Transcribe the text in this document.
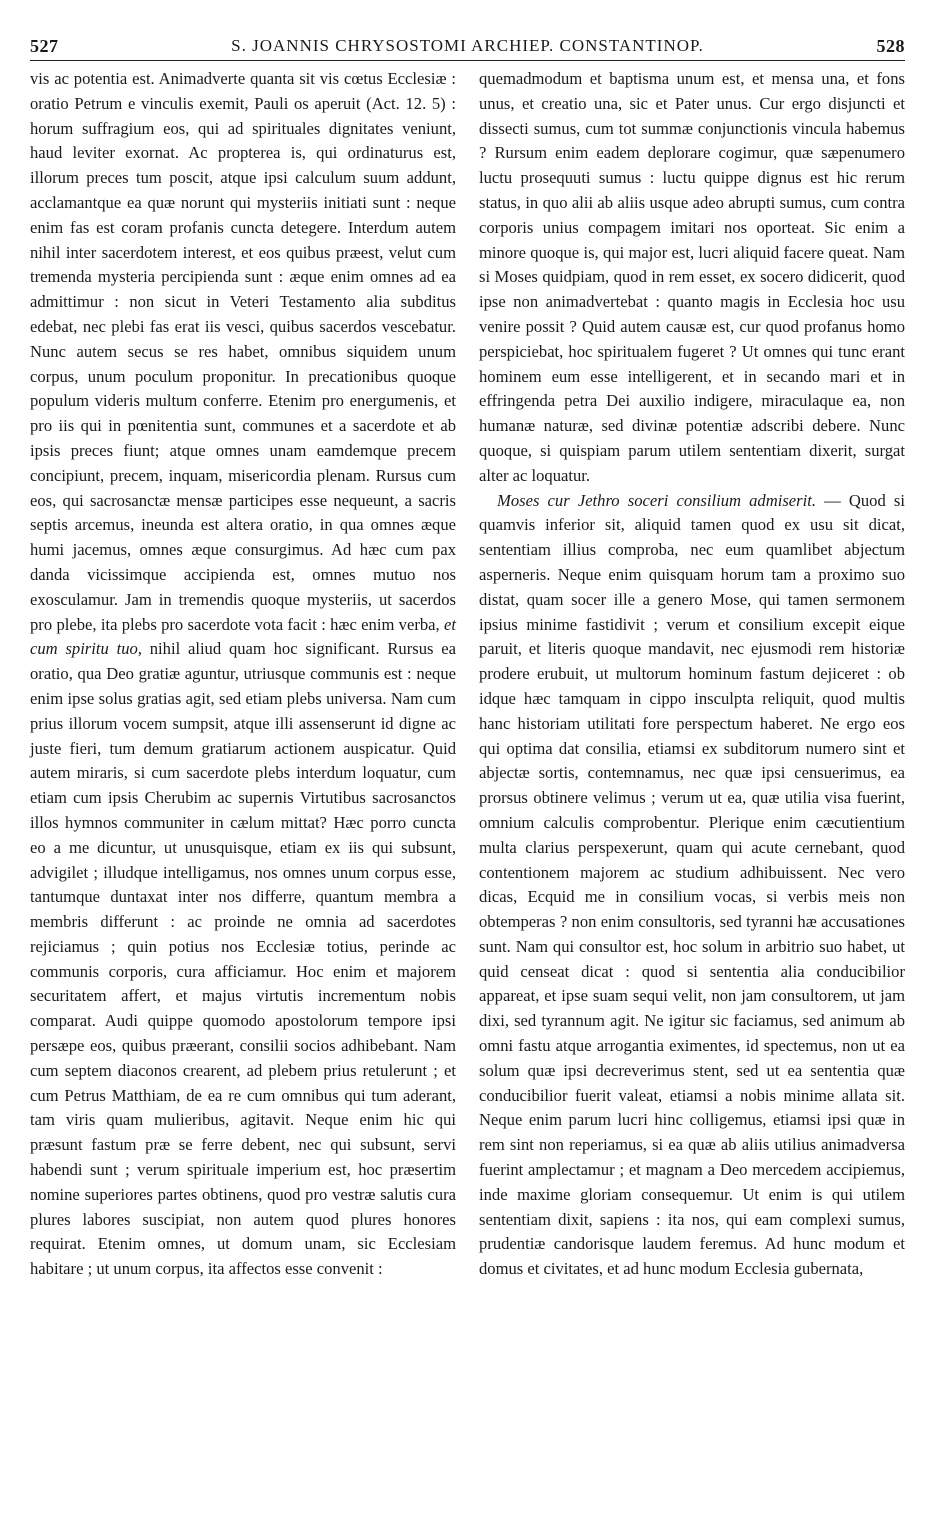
527	S. JOANNIS CHRYSOSTOMI ARCHIEP. CONSTANTINOP.	528

vis ac potentia est. Animadverte quanta sit vis cœtus Ecclesiæ : oratio Petrum e vinculis exemit, Pauli os aperuit (Act. 12. 5) : horum suffragium eos, qui ad spirituales dignitates veniunt, haud leviter exornat. Ac propterea is, qui ordinaturus est, illorum preces tum poscit, atque ipsi calculum suum addunt, acclamantque ea quæ norunt qui mysteriis initiati sunt : neque enim fas est coram profanis cuncta detegere. Interdum autem nihil inter sacerdotem interest, et eos quibus præest, velut cum tremenda mysteria percipienda sunt : æque enim omnes ad ea admittimur : non sicut in Veteri Testamento alia subditus edebat, nec plebi fas erat iis vesci, quibus sacerdos vescebatur. Nunc autem secus se res habet, omnibus siquidem unum corpus, unum poculum proponitur. In precationibus quoque populum videris multum conferre. Etenim pro energumenis, et pro iis qui in pœnitentia sunt, communes et a sacerdote et ab ipsis preces fiunt; atque omnes unam eamdemque precem concipiunt, precem, inquam, misericordia plenam. Rursus cum eos, qui sacrosanctæ mensæ participes esse nequeunt, a sacris septis arcemus, ineunda est altera oratio, in qua omnes æque humi jacemus, omnes æque consurgimus. Ad hæc cum pax danda vicissimque accipienda est, omnes mutuo nos exosculamur. Jam in tremendis quoque mysteriis, ut sacerdos pro plebe, ita plebs pro sacerdote vota facit : hæc enim verba, et cum spiritu tuo, nihil aliud quam hoc significant. Rursus ea oratio, qua Deo gratiæ aguntur, utriusque communis est : neque enim ipse solus gratias agit, sed etiam plebs universa. Nam cum prius illorum vocem sumpsit, atque illi assenserunt id digne ac juste fieri, tum demum gratiarum actionem auspicatur. Quid autem miraris, si cum sacerdote plebs interdum loquatur, cum etiam cum ipsis Cherubim ac supernis Virtutibus sacrosanctos illos hymnos communiter in cælum mittat? Hæc porro cuncta eo a me dicuntur, ut unusquisque, etiam ex iis qui subsunt, advigilet ; illudque intelligamus, nos omnes unum corpus esse, tantumque duntaxat inter nos differre, quantum membra a membris differunt : ac proinde ne omnia ad sacerdotes rejiciamus ; quin potius nos Ecclesiæ totius, perinde ac communis corporis, cura afficiamur. Hoc enim et majorem securitatem affert, et majus virtutis incrementum nobis comparat. Audi quippe quomodo apostolorum tempore ipsi persæpe eos, quibus præerant, consilii socios adhibebant. Nam cum septem diaconos crearent, ad plebem prius retulerunt ; et cum Petrus Matthiam, de ea re cum omnibus qui tum aderant, tam viris quam mulieribus, agitavit. Neque enim hic qui præsunt fastum præ se ferre debent, nec qui subsunt, servi habendi sunt ; verum spirituale imperium est, hoc præsertim nomine superiores partes obtinens, quod pro vestræ salutis cura plures labores suscipiat, non autem quod plures honores requirat. Etenim omnes, ut domum unam, sic Ecclesiam habitare ; ut unum corpus, ita affectos esse convenit :

quemadmodum et baptisma unum est, et mensa una, et fons unus, et creatio una, sic et Pater unus. Cur ergo disjuncti et dissecti sumus, cum tot summæ conjunctionis vincula habemus ? Rursum enim eadem deplorare cogimur, quæ sæpenumero luctu prosequuti sumus : luctu quippe dignus est hic rerum status, in quo alii ab aliis usque adeo abrupti sumus, cum contra corporis unius compagem imitari nos oporteat. Sic enim a minore quoque is, qui major est, lucri aliquid facere queat. Nam si Moses quidpiam, quod in rem esset, ex socero didicerit, quod ipse non animadvertebat : quanto magis in Ecclesia hoc usu venire possit ? Quid autem causæ est, cur quod profanus homo perspiciebat, hoc spiritualem fugeret ? Ut omnes qui tunc erant hominem eum esse intelligerent, et in secando mari et in effringenda petra Dei auxilio indigere, miraculaque ea, non humanæ naturæ, sed divinæ potentiæ adscribi debere. Nunc quoque, si quispiam parum utilem sententiam dixerit, surgat alter ac loquatur.

Moses cur Jethro soceri consilium admiserit. — Quod si quamvis inferior sit, aliquid tamen quod ex usu sit dicat, sententiam illius comproba, nec eum quamlibet abjectum asperneris. Neque enim quisquam horum tam a proximo suo distat, quam socer ille a genero Mose, qui tamen sermonem ipsius minime fastidivit ; verum et consilium excepit eique paruit, et literis quoque mandavit, nec ejusmodi rem historiæ prodere erubuit, ut multorum hominum fastum dejiceret : ob idque hæc tamquam in cippo insculpta reliquit, quod multis hanc historiam utilitati fore perspectum haberet. Ne ergo eos qui optima dat consilia, etiamsi ex subditorum numero sint et abjectæ sortis, contemnamus, nec quæ ipsi censuerimus, ea prorsus obtinere velimus ; verum ut ea, quæ utilia visa fuerint, omnium calculis comprobentur. Plerique enim cæcutientium multa clarius perspexerunt, quam qui acute cernebant, quod contentionem majorem ac studium adhibuissent. Nec vero dicas, Ecquid me in consilium vocas, si verbis meis non obtemperas ? non enim consultoris, sed tyranni hæ accusationes sunt. Nam qui consultor est, hoc solum in arbitrio suo habet, ut quid censeat dicat : quod si sententia alia conducibilior appareat, et ipse suam sequi velit, non jam consultorem, ut jam dixi, sed tyrannum agit. Ne igitur sic faciamus, sed animum ab omni fastu atque arrogantia eximentes, id spectemus, non ut ea solum quæ ipsi decreverimus stent, sed ut ea sententia quæ conducibilior fuerit valeat, etiamsi a nobis minime allata sit. Neque enim parum lucri hinc colligemus, etiamsi ipsi quæ in rem sint non reperiamus, si ea quæ ab aliis utilius animadversa fuerint amplectamur ; et magnam a Deo mercedem accipiemus, inde maxime gloriam consequemur. Ut enim is qui utilem sententiam dixit, sapiens : ita nos, qui eam complexi sumus, prudentiæ candorisque laudem feremus. Ad hunc modum et domus et civitates, et ad hunc modum Ecclesia gubernata,
